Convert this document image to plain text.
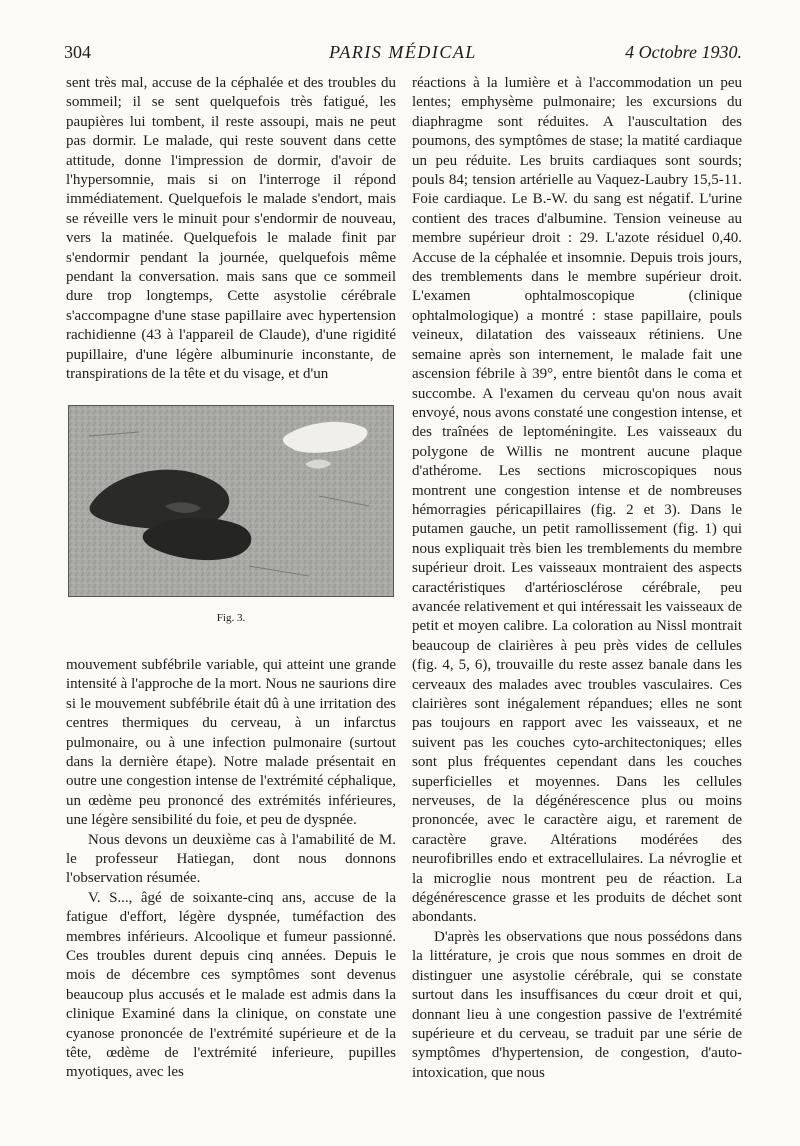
304	PARIS MÉDICAL	4 Octobre 1930.

sent très mal, accuse de la céphalée et des troubles du sommeil; il se sent quelquefois très fatigué, les paupières lui tombent, il reste assoupi, mais ne peut pas dormir. Le malade, qui reste souvent dans cette attitude, donne l'impression de dormir, d'avoir de l'hypersomnie, mais si on l'interroge il répond immédiatement. Quelquefois le malade s'endort, mais se réveille vers le minuit pour s'endormir de nouveau, vers la matinée. Quelquefois le malade finit par s'endormir pendant la journée, quelquefois même pendant la conversation. mais sans que ce sommeil dure trop longtemps, Cette asystolie cérébrale s'accompagne d'une stase papillaire avec hypertension rachidienne (43 à l'appareil de Claude), d'une rigidité pupillaire, d'une légère albuminurie inconstante, de transpirations de la tête et du visage, et d'un

Fig. 3.

mouvement subfébrile variable, qui atteint une grande intensité à l'approche de la mort. Nous ne saurions dire si le mouvement subfébrile était dû à une irritation des centres thermiques du cerveau, à un infarctus pulmonaire, ou à une infection pulmonaire (surtout dans la dernière étape). Notre malade présentait en outre une congestion intense de l'extrémité céphalique, un œdème peu prononcé des extrémités inférieures, une légère sensibilité du foie, et peu de dyspnée.

Nous devons un deuxième cas à l'amabilité de M. le professeur Hatiegan, dont nous donnons l'observation résumée.

V. S..., âgé de soixante-cinq ans, accuse de la fatigue d'effort, légère dyspnée, tuméfaction des membres inférieurs. Alcoolique et fumeur passionné. Ces troubles durent depuis cinq années. Depuis le mois de décembre ces symptômes sont devenus beaucoup plus accusés et le malade est admis dans la clinique Examiné dans la clinique, on constate une cyanose prononcée de l'extrémité supérieure et de la tête, œdème de l'extrémité inferieure, pupilles myotiques, avec les

réactions à la lumière et à l'accommodation un peu lentes; emphysème pulmonaire; les excursions du diaphragme sont réduites. A l'auscultation des poumons, des symptômes de stase; la matité cardiaque un peu réduite. Les bruits cardiaques sont sourds; pouls 84; tension artérielle au Vaquez-Laubry 15,5-11. Foie cardiaque. Le B.-W. du sang est négatif. L'urine contient des traces d'albumine. Tension veineuse au membre supérieur droit : 29. L'azote résiduel 0,40. Accuse de la céphalée et insomnie. Depuis trois jours, des tremblements dans le membre supérieur droit. L'examen ophtalmoscopique (clinique ophtalmologique) a montré : stase papillaire, pouls veineux, dilatation des vaisseaux rétiniens. Une semaine après son internement, le malade fait une ascension fébrile à 39°, entre bientôt dans le coma et succombe. A l'examen du cerveau qu'on nous avait envoyé, nous avons constaté une congestion intense, et des traînées de leptoméningite. Les vaisseaux du polygone de Willis ne montrent aucune plaque d'athérome. Les sections microscopiques nous montrent une congestion intense et de nombreuses hémorragies péricapillaires (fig. 2 et 3). Dans le putamen gauche, un petit ramollissement (fig. 1) qui nous expliquait très bien les tremblements du membre supérieur droit. Les vaisseaux montraient des aspects caractéristiques d'artériosclérose cérébrale, peu avancée relativement et qui intéressait les vaisseaux de petit et moyen calibre. La coloration au Nissl montrait beaucoup de clairières à peu près vides de cellules (fig. 4, 5, 6), trouvaille du reste assez banale dans les cerveaux des malades avec troubles vasculaires. Ces clairières sont inégalement répandues; elles ne sont pas toujours en rapport avec les vaisseaux, et ne suivent pas les couches cyto-architectoniques; elles sont plus fréquentes cependant dans les couches superficielles et moyennes. Dans les cellules nerveuses, de la dégénérescence plus ou moins prononcée, avec le caractère aigu, et rarement de caractère grave. Altérations modérées des neurofibrilles endo et extracellulaires. La névroglie et la microglie nous montrent peu de réaction. La dégénérescence grasse et les produits de déchet sont abondants.

D'après les observations que nous possédons dans la littérature, je crois que nous sommes en droit de distinguer une asystolie cérébrale, qui se constate surtout dans les insuffisances du cœur droit et qui, donnant lieu à une congestion passive de l'extrémité supérieure et du cerveau, se traduit par une série de symptômes d'hypertension, de congestion, d'auto-intoxication, que nous
